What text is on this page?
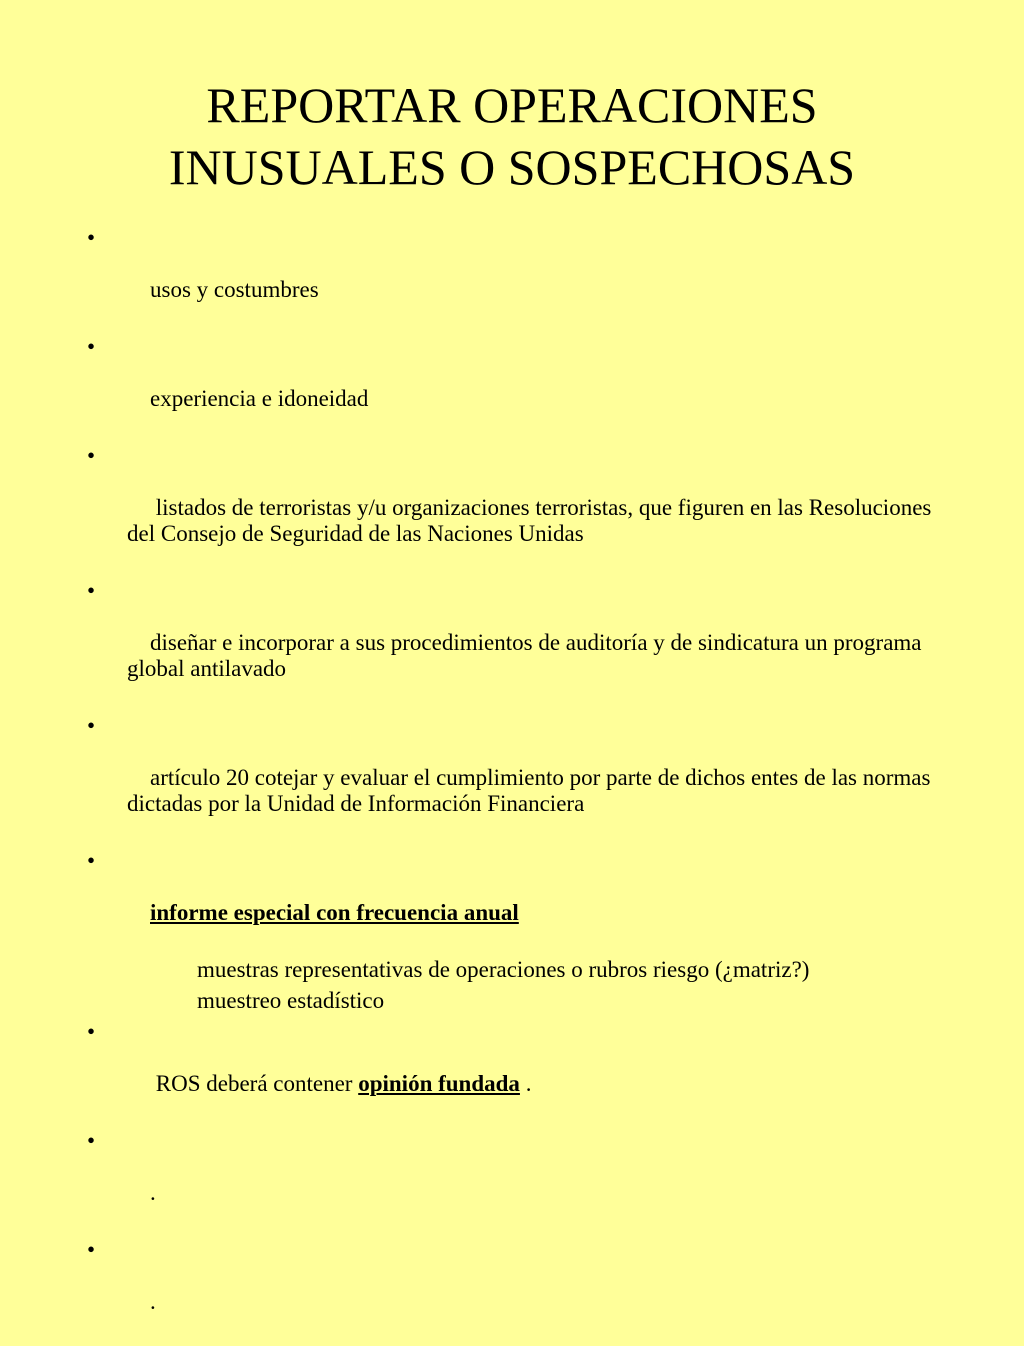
REPORTAR OPERACIONES
INUSUALES O SOSPECHOSAS

•

usos y costumbres

•

experiencia e idoneidad

•

listados de terroristas y/u organizaciones terroristas, que figuren en las Resoluciones del Consejo de Seguridad de las Naciones Unidas

•

diseñar e incorporar a sus procedimientos de auditoría y de sindicatura un programa global antilavado

•

artículo 20 cotejar y evaluar el cumplimiento por parte de dichos entes de las normas dictadas por la Unidad de Información Financiera

•

informe especial con frecuencia anual

muestras representativas de operaciones o rubros riesgo (¿matriz?)
muestreo estadístico

•

ROS deberá contener opinión fundada .

•

.

•

.
